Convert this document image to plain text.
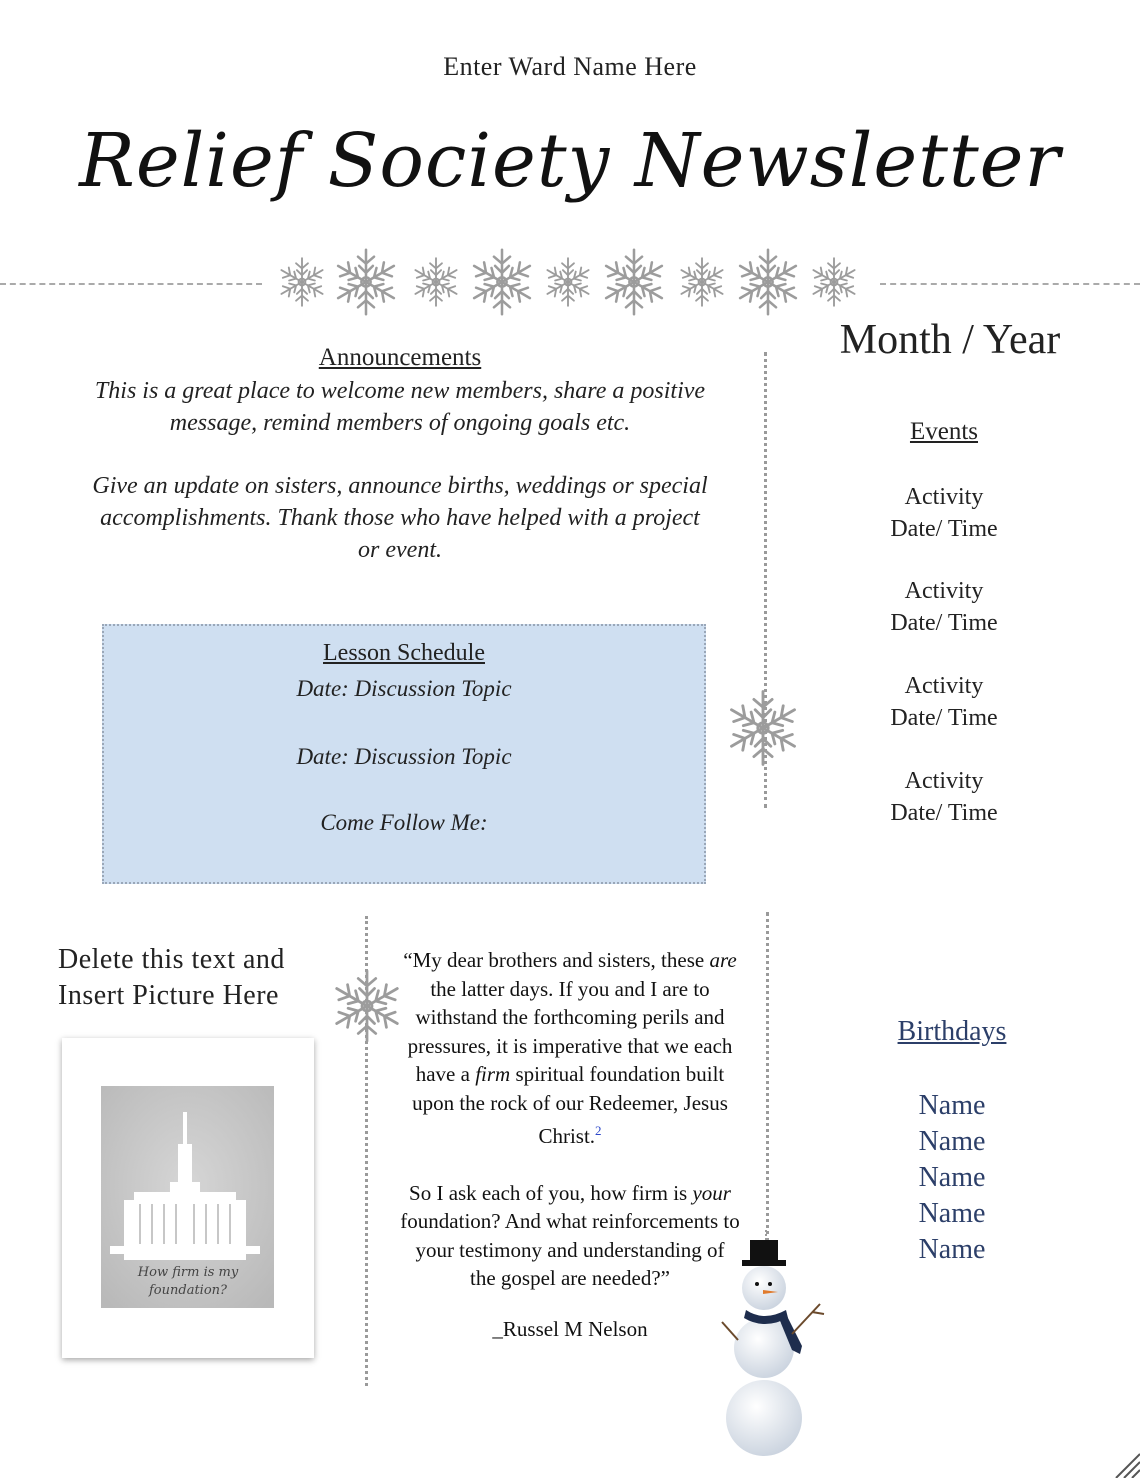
Enter Ward Name Here
Relief Society Newsletter
Month / Year
Announcements
This is a great place to welcome new members, share a positive message, remind members of ongoing goals etc.
Give an update on sisters, announce births, weddings or special accomplishments. Thank those who have helped with a project or event.
Lesson Schedule
Date: Discussion Topic
Date: Discussion Topic
Come Follow Me:
Events
Activity
Date/ Time
Activity
Date/ Time
Activity
Date/ Time
Activity
Date/ Time
Delete this text and
Insert Picture Here
How firm is my
foundation?

“My dear brothers and sisters, these are the latter days. If you and I are to withstand the forthcoming perils and pressures, it is imperative that we each have a firm spiritual foundation built upon the rock of our Redeemer, Jesus Christ.$^2$

So I ask each of you, how firm is your foundation? And what reinforcements to your testimony and understanding of the gospel are needed?”

_Russel M Nelson

Birthdays
Name
Name
Name
Name
Name
